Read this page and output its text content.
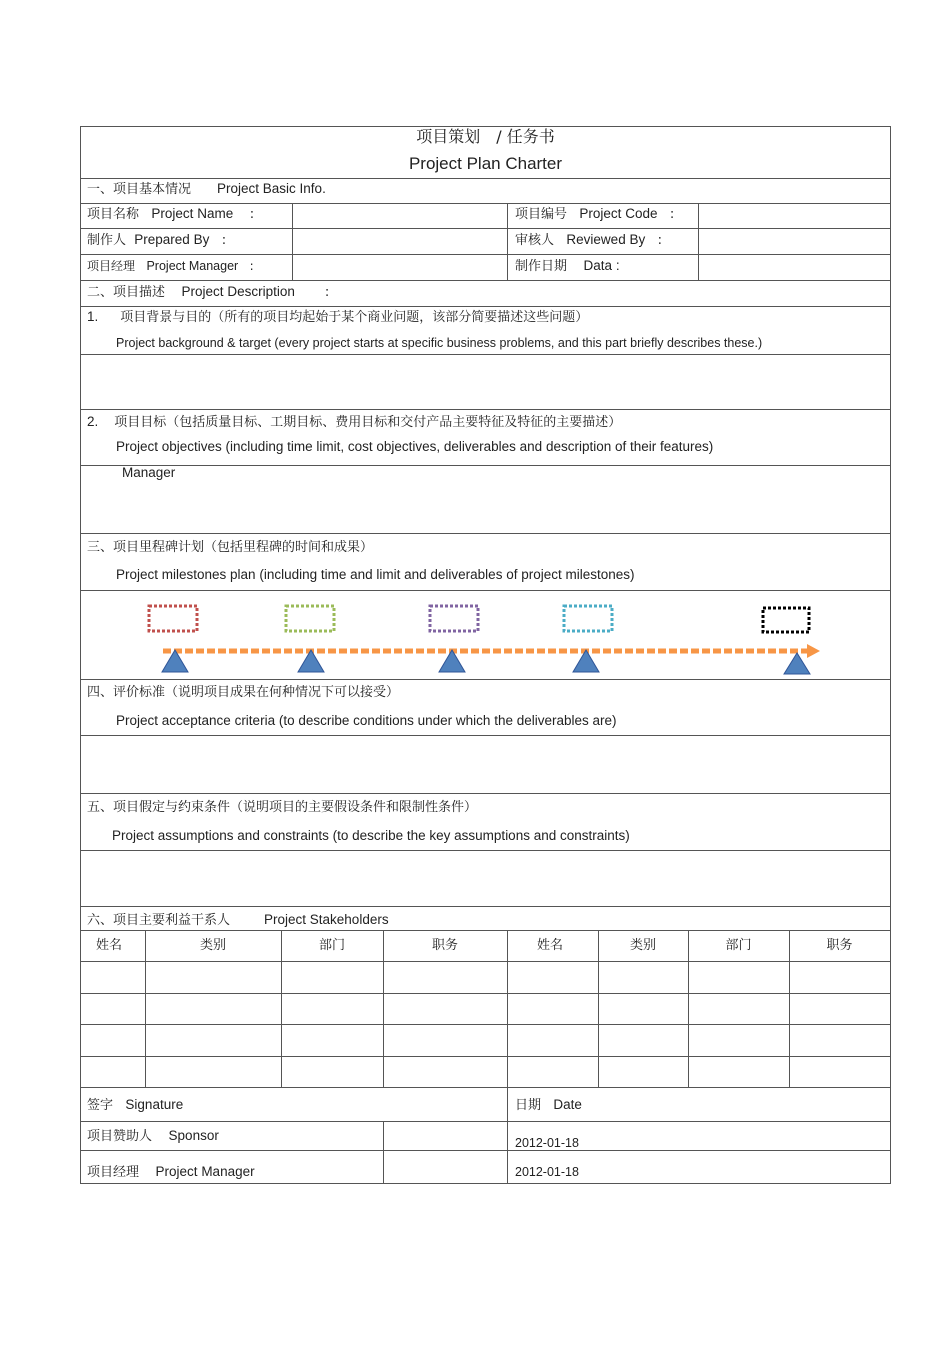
项目策划　/ 任务书
Project Plan Charter
一、项目基本情况 Project Basic Info.
项目名称 Project Name :	项目编号 Project Code :
制作人 Prepared By :	审核人 Reviewed By :
项目经理 Project Manager :	制作日期 Data :
二、项目描述 Project Description :
1. 项目背景与目的（所有的项目均起始于某个商业问题，该部分简要描述这些问题）
Project background & target (every project starts at specific business problems, and this part briefly describes these.)
2. 项目目标（包括质量目标、工期目标、费用目标和交付产品主要特征及特征的主要描述）
Project objectives (including time limit, cost objectives, deliverables and description of their features)
Manager
三、项目里程碑计划（包括里程碑的时间和成果）
Project milestones plan (including time and limit and deliverables of project milestones)
四、评价标准（说明项目成果在何种情况下可以接受）
Project acceptance criteria (to describe conditions under which the deliverables are)
五、项目假定与约束条件（说明项目的主要假设条件和限制性条件）
Project assumptions and constraints (to describe the key assumptions and constraints)
六、项目主要利益干系人	Project Stakeholders
姓名	类别	部门	职务	姓名	类别	部门	职务
签字 Signature	日期 Date
项目赞助人 Sponsor	2012-01-18
项目经理 Project Manager	2012-01-18
